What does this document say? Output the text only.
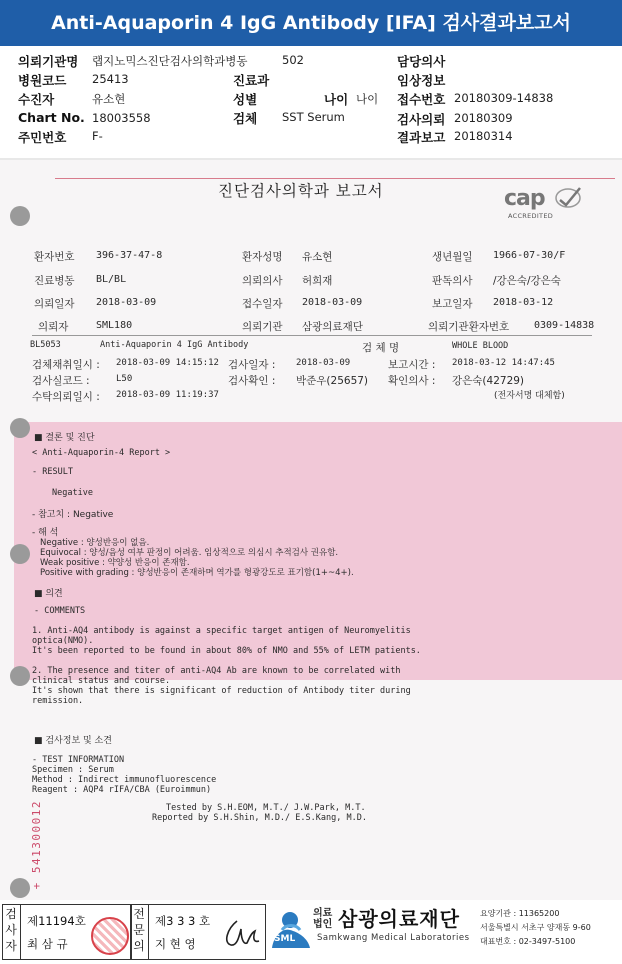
Anti-Aquaporin 4 IgG Antibody [IFA] 검사결과보고서
의뢰기관명 랩지노믹스진단검사의학과병동	502	담당의사
병원코드 25413	진료과	임상정보
수진자	유소현	성별	나이 나이 접수번호 20180309-14838
Chart No. 18003558	검체 SST Serum	검사의뢰 20180309
주민번호 F-	결과보고 20180314
진단검사의학과 보고서	cap
ACCREDITED
환자번호 396-37-47-8	환자성명 유소현	생년월일 1966-07-30/F
진료병동 BL/BL	의뢰의사 허희재	판독의사 /강은숙/강은숙
의뢰일자 2018-03-09	접수일자 2018-03-09	보고일자 2018-03-12
의뢰자	SML180	의뢰기관 삼광의료재단	의뢰기관환자번호 0309-14838
BL5053	Anti-Aquaporin 4 IgG Antibody	검 체 명	WHOLE BLOOD
검체채취일시 : 2018-03-09 14:15:12 검사일자 : 2018-03-09	보고시간 : 2018-03-12 14:47:45
검사실코드 :	L50	검사확인 : 박준우(25657) 확인의사 : 강은숙(42729)
수탁의뢰일시 : 2018-03-09 11:19:37	(전자서명 대체함)
■ 결론 및 진단
< Anti-Aquaporin-4 Report >
- RESULT
Negative
- 참고치 : Negative
- 해 석
Negative : 양성반응이 없음.
Equivocal : 양성/음성 여부 판정이 어려움. 임상적으로 의심시 추적검사 권유함.
Weak positive : 약양성 반응이 존재함.
Positive with grading : 양성반응이 존재하며 역가를 형광강도로 표기함(1+~4+).
■ 의견
- COMMENTS
1. Anti-AQ4 antibody is against a specific target antigen of Neuromyelitis
optica(NMO).
It's been reported to be found in about 80% of NMO and 55% of LETM patients.
2. The presence and titer of anti-AQ4 Ab are known to be correlated with
clinical status and course.
It's shown that there is significant of reduction of Antibody titer during
remission.
■ 검사정보 및 소견
- TEST INFORMATION
Specimen : Serum
Method : Indirect immunofluorescence
Reagent : AQP4 rIFA/CBA (Euroimmun)
Tested by S.H.EOM, M.T./ J.W.Park, M.T.
Reported by S.H.Shin, M.D./ E.S.Kang, M.D.
+ 541300012
검
사
자
제11194호
최 삼 규
전
문
의
제3 3 3 호
지 현 영	SML
의료
법인 삼광의료재단
Samkwang Medical Laboratories
요양기관 : 11365200
서울특별시 서초구 양재동 9-60
대표번호 : 02-3497-5100
